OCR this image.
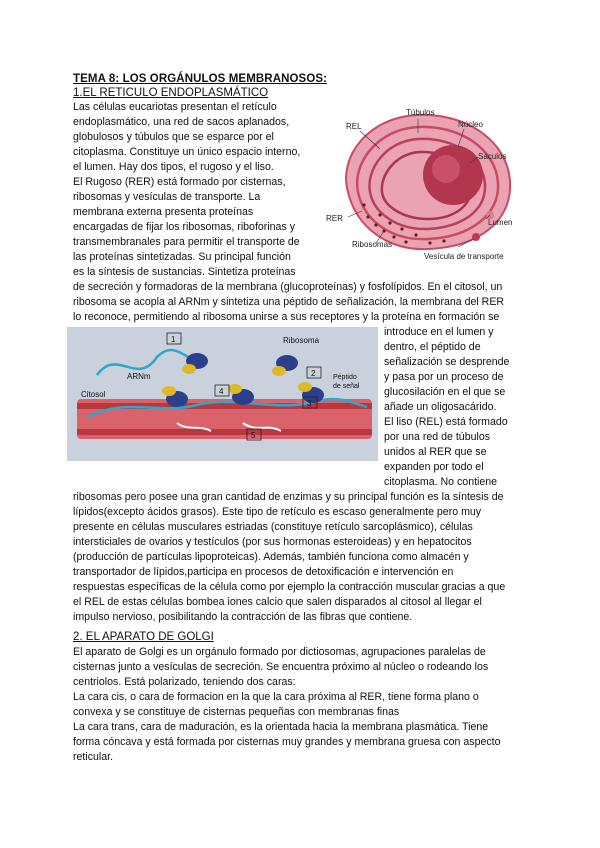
TEMA 8: LOS ORGÁNULOS MEMBRANOSOS:
1.EL RETICULO ENDOPLASMÁTICO
Las células eucariotas presentan el retículo
endoplasmático, una red de sacos aplanados,
globulosos y túbulos que se esparce por el
citoplasma. Constituye un único espacio interno,
el lumen. Hay dos tipos, el rugoso y el liso.
El Rugoso (RER) está formado por cisternas,
ribosomas y vesículas de transporte. La
membrana externa presenta proteínas
encargadas de fijar los ribosomas, riboforinas y
transmembranales para permitir el transporte de
las proteínas sintetizadas. Su principal función
es la síntesis de sustancias. Sintetiza proteínas
de secreción y formadoras de la membrana (glucoproteínas) y fosfolípidos. En el citosol, un
ribosoma se acopla al ARNm y sintetiza una péptido de señalización, la membrana del RER
lo reconoce, permitiendo al ribosoma unirse a sus receptores y la proteína en formación se
introduce en el lumen y
dentro, el péptido de
señalización se desprende
y pasa por un proceso de
glucosilación en el que se
añade un oligosacárido.
El liso (REL) está formado
por una red de túbulos
unidos al RER que se
expanden por todo el
citoplasma. No contiene
ribosomas pero posee una gran cantidad de enzimas y su principal función es la síntesis de
lípidos(excepto ácidos grasos). Este tipo de retículo es escaso generalmente pero muy
presente en células musculares estriadas (constituye retículo sarcoplásmico), células
intersticiales de ovarios y testículos (por sus hormonas esteroideas) y en hepatocitos
(producción de partículas lipoproteicas). Además, también funciona como almacén y
transportador de lípidos,participa en procesos de detoxificación e intervención en
respuestas específicas de la célula como por ejemplo la contracción muscular gracias a que
el REL de estas células bombea iones calcio que salen disparados al citosol al llegar el
impulso nervioso, posibilitando la contracción de las fibras que contiene.
2. EL APARATO DE GOLGI
El aparato de Golgi es un orgánulo formado por dictiosomas, agrupaciones paralelas de
cisternas junto a vesículas de secreción. Se encuentra próximo al núcleo o rodeando los
centriolos. Está polarizado, teniendo dos caras:
La cara cis, o cara de formacion en la que la cara próxima al RER, tiene forma plano o
convexa y se constituye de cisternas pequeñas con membranas finas
La cara trans, cara de maduración, es la orientada hacia la membrana plasmática. Tiene
forma cóncava y está formada por cisternas muy grandes y membrana gruesa con aspecto
reticular.
REL
Túbulos
Núcleo
Sáculos
RER	Lumen
Ribosomas
Vesícula de transporte
1
2
4
3
5
Ribosoma
ARNm	Péptido
de señal
Citosol
